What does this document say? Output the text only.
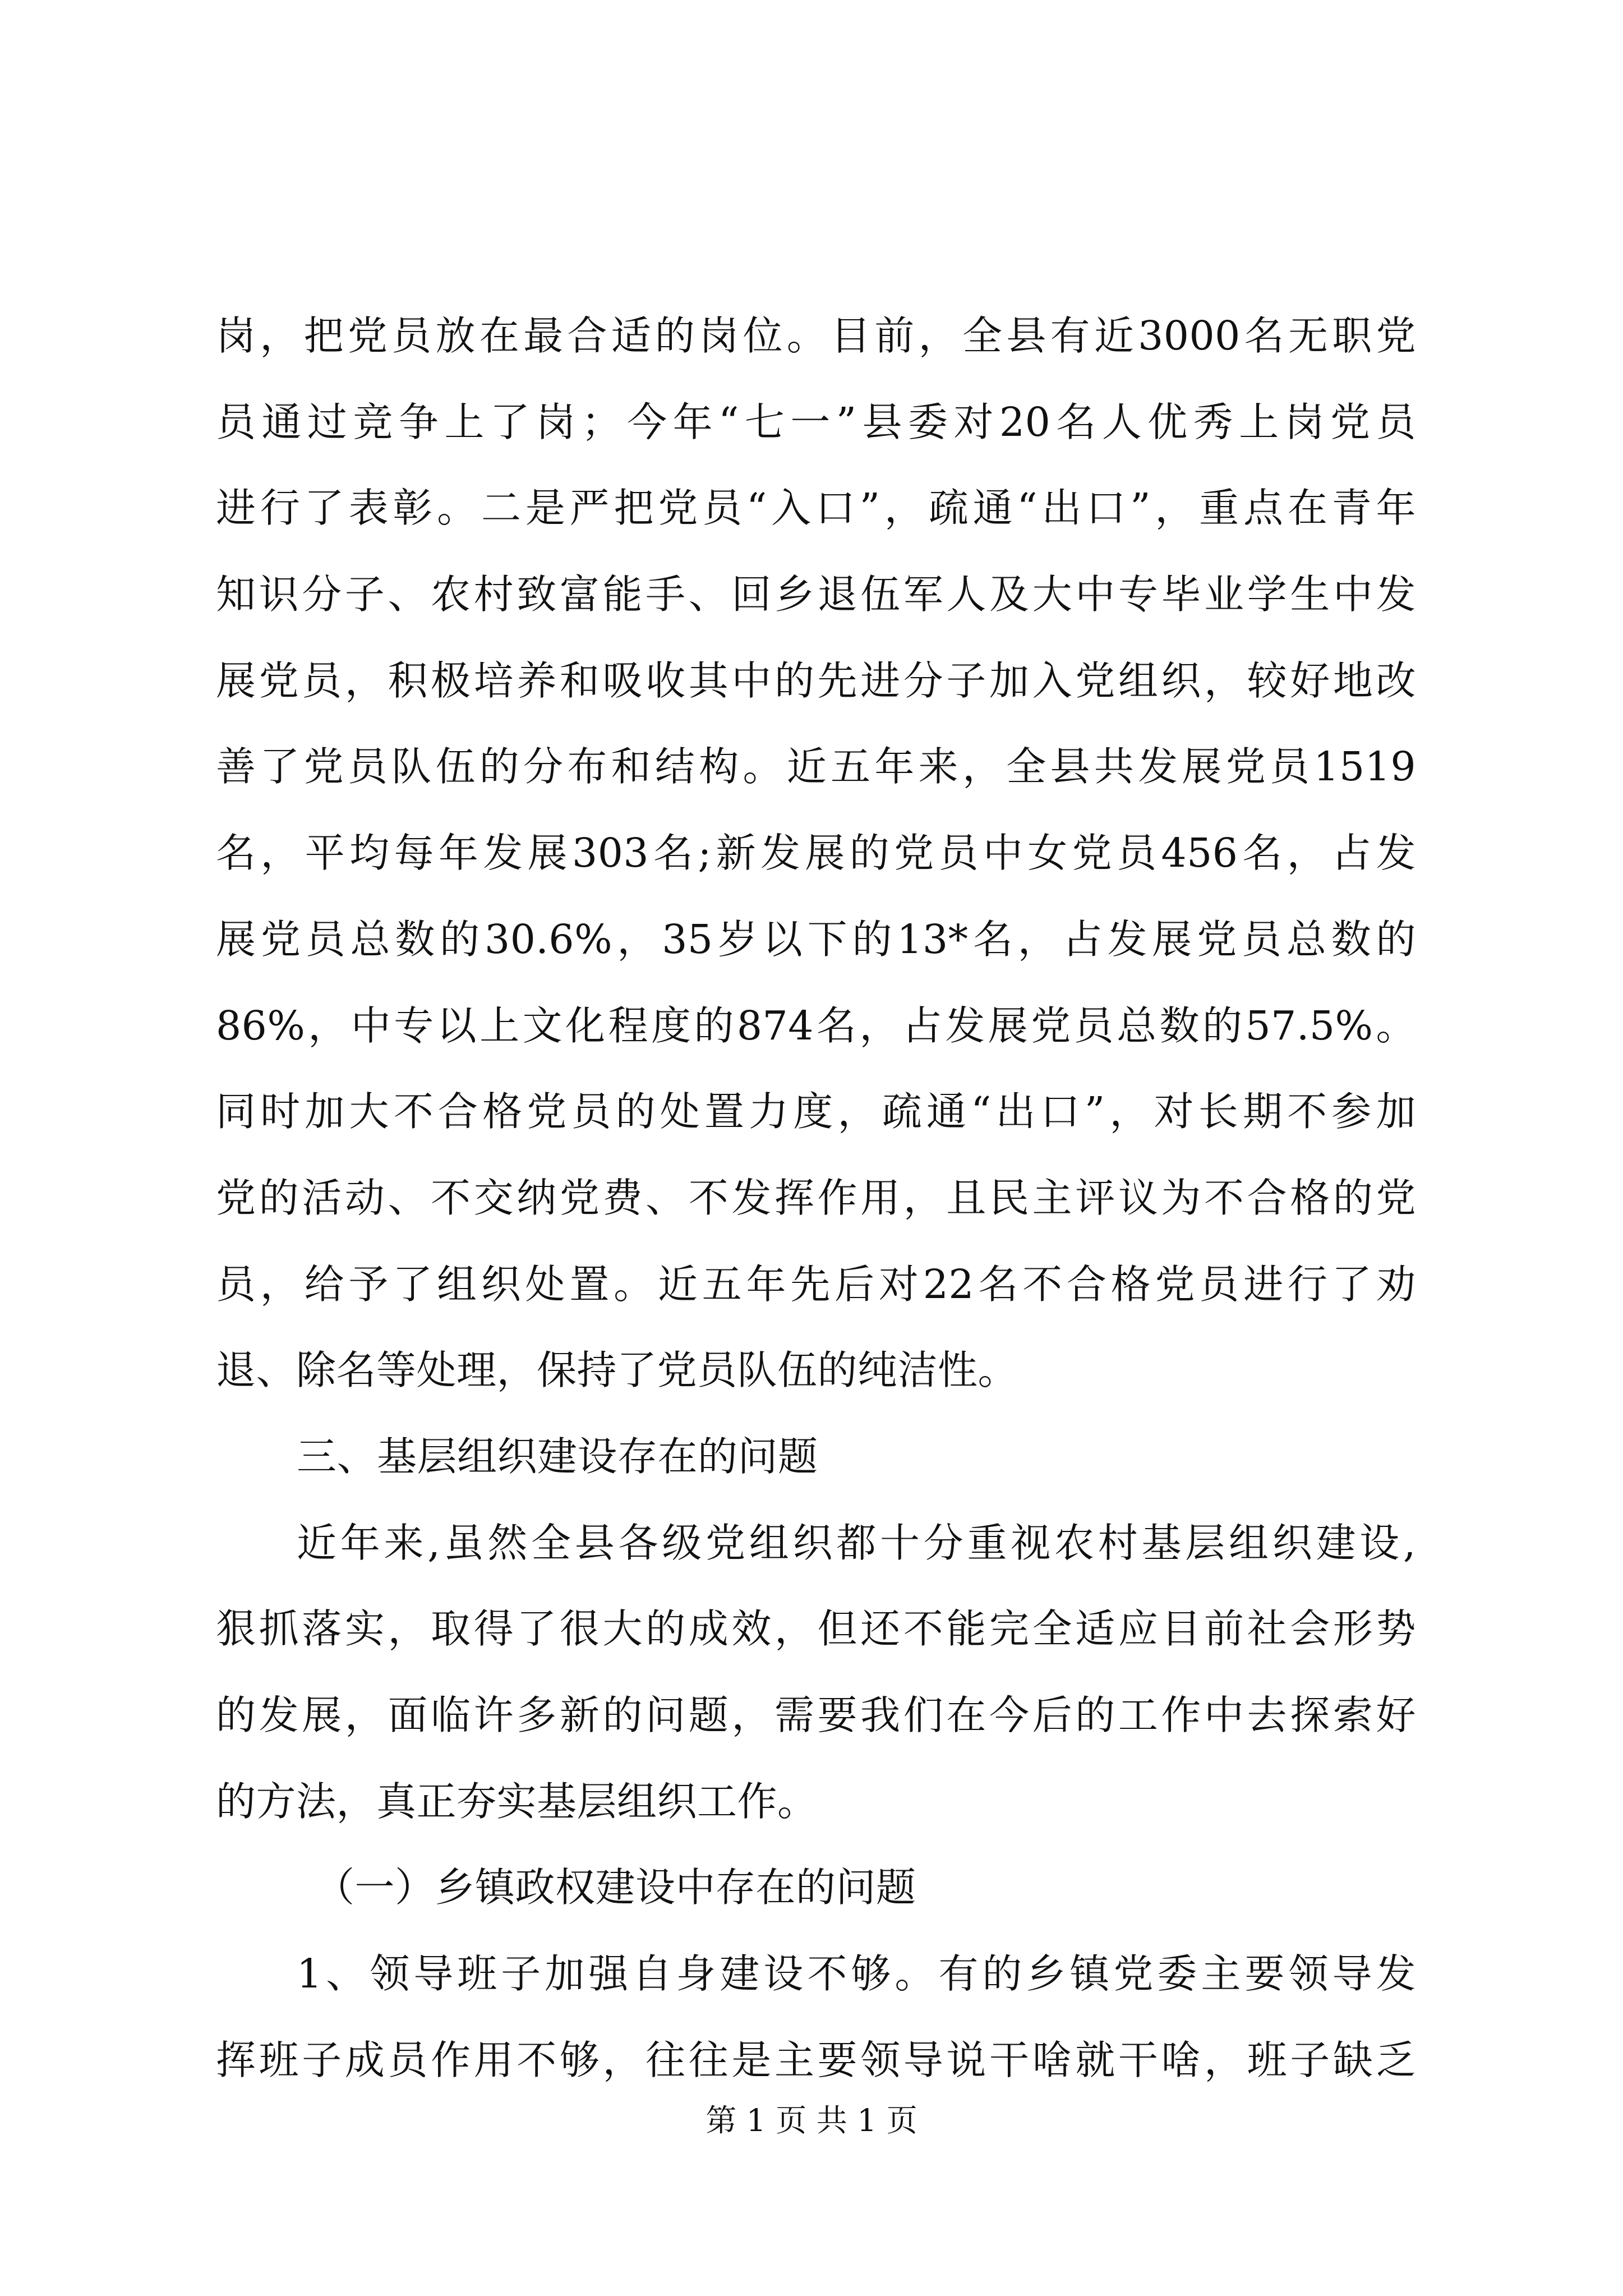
岗，把党员放在最合适的岗位。目前，全县有近3000名无职党
员通过竞争上了岗；今年“七一”县委对20名人优秀上岗党员
进行了表彰。二是严把党员“入口”，疏通“出口”，重点在青年
知识分子、农村致富能手、回乡退伍军人及大中专毕业学生中发
展党员，积极培养和吸收其中的先进分子加入党组织，较好地改
善了党员队伍的分布和结构。近五年来，全县共发展党员1519
名，平均每年发展303名;新发展的党员中女党员456名，占发
展党员总数的30.6%，35岁以下的13*名，占发展党员总数的
86%，中专以上文化程度的874名，占发展党员总数的57.5%。
同时加大不合格党员的处置力度，疏通“出口”，对长期不参加
党的活动、不交纳党费、不发挥作用，且民主评议为不合格的党
员，给予了组织处置。近五年先后对22名不合格党员进行了劝
退、除名等处理，保持了党员队伍的纯洁性。
三、基层组织建设存在的问题
近年来,虽然全县各级党组织都十分重视农村基层组织建设,
狠抓落实，取得了很大的成效，但还不能完全适应目前社会形势
的发展，面临许多新的问题，需要我们在今后的工作中去探索好
的方法，真正夯实基层组织工作。
（一）乡镇政权建设中存在的问题
1、领导班子加强自身建设不够。有的乡镇党委主要领导发
挥班子成员作用不够，往往是主要领导说干啥就干啥，班子缺乏
第 1 页 共 1 页
